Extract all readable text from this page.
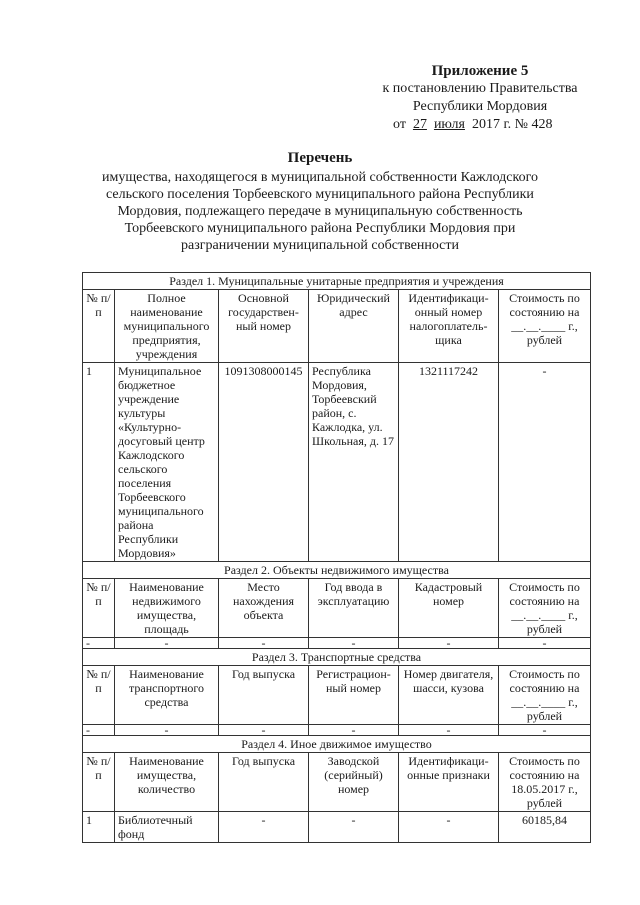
Приложение 5
к постановлению Правительства
Республики Мордовия
от 27 июля 2017 г. № 428
Перечень
имущества, находящегося в муниципальной собственности Кажлодского сельского поселения Торбеевского муниципального района Республики Мордовия, подлежащего передаче в муниципальную собственность Торбеевского муниципального района Республики Мордовия при разграничении муниципальной собственности
Раздел 1. Муниципальные унитарные предприятия и учреждения					
№ п/п	Полное наименование муниципального предприятия, учреждения	Основной государствен-ный номер	Юридический адрес	Идентификаци-онный номер налогоплатель-щика	Стоимость по состоянию на __.__.____ г., рублей
1	Муниципальное бюджетное учреждение культуры «Культурно-досуговый центр Кажлодского сельского поселения Торбеевского муниципального района Республики Мордовия»	1091308000145	Республика Мордовия, Торбеевский район, с. Кажлодка, ул. Школьная, д. 17	1321117242	-
Раздел 2. Объекты недвижимого имущества					
№ п/п	Наименование недвижимого имущества, площадь	Место нахождения объекта	Год ввода в эксплуатацию	Кадастровый номер	Стоимость по состоянию на __.__.____ г., рублей
-	-	-	-	-	-
Раздел 3. Транспортные средства					
№ п/п	Наименование транспортного средства	Год выпуска	Регистрацион-ный номер	Номер двигателя, шасси, кузова	Стоимость по состоянию на __.__.____ г., рублей
-	-	-	-	-	-
Раздел 4. Иное движимое имущество					
№ п/п	Наименование имущества, количество	Год выпуска	Заводской (серийный) номер	Идентификаци-онные признаки	Стоимость по состоянию на 18.05.2017 г., рублей
1	Библиотечный фонд	-	-	-	60185,84
